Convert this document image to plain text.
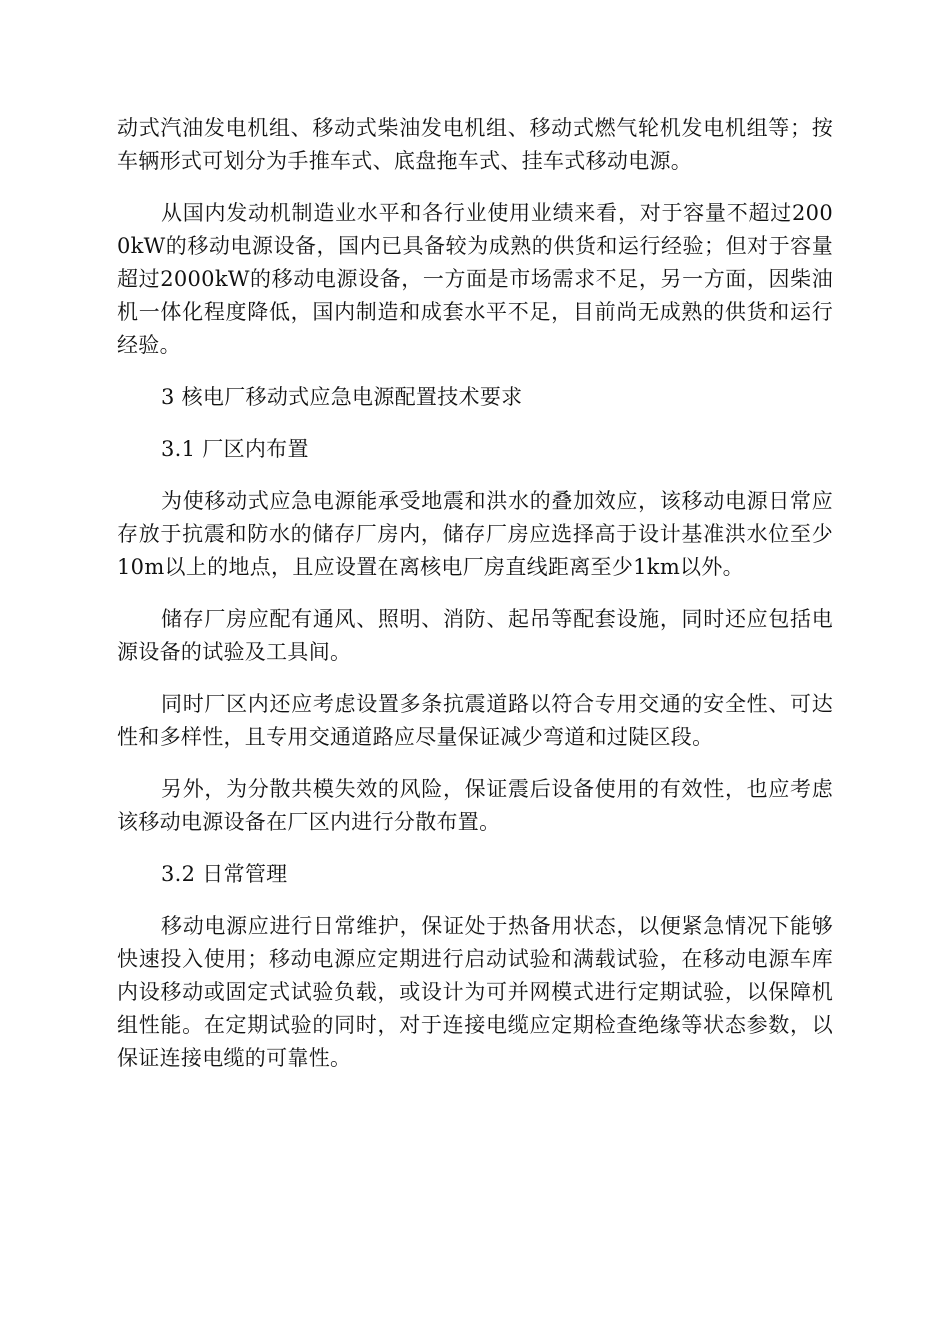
动式汽油发电机组、移动式柴油发电机组、移动式燃气轮机发电机组等；按车辆形式可划分为手推车式、底盘拖车式、挂车式移动电源。

从国内发动机制造业水平和各行业使用业绩来看，对于容量不超过2000kW的移动电源设备，国内已具备较为成熟的供货和运行经验；但对于容量超过2000kW的移动电源设备，一方面是市场需求不足，另一方面，因柴油机一体化程度降低，国内制造和成套水平不足，目前尚无成熟的供货和运行经验。

3 核电厂移动式应急电源配置技术要求

3.1 厂区内布置

为使移动式应急电源能承受地震和洪水的叠加效应，该移动电源日常应存放于抗震和防水的储存厂房内，储存厂房应选择高于设计基准洪水位至少10m以上的地点，且应设置在离核电厂房直线距离至少1km以外。

储存厂房应配有通风、照明、消防、起吊等配套设施，同时还应包括电源设备的试验及工具间。

同时厂区内还应考虑设置多条抗震道路以符合专用交通的安全性、可达性和多样性，且专用交通道路应尽量保证减少弯道和过陡区段。

另外，为分散共模失效的风险，保证震后设备使用的有效性，也应考虑该移动电源设备在厂区内进行分散布置。

3.2 日常管理

移动电源应进行日常维护，保证处于热备用状态，以便紧急情况下能够快速投入使用；移动电源应定期进行启动试验和满载试验，在移动电源车库内设移动或固定式试验负载，或设计为可并网模式进行定期试验，以保障机组性能。在定期试验的同时，对于连接电缆应定期检查绝缘等状态参数，以保证连接电缆的可靠性。
